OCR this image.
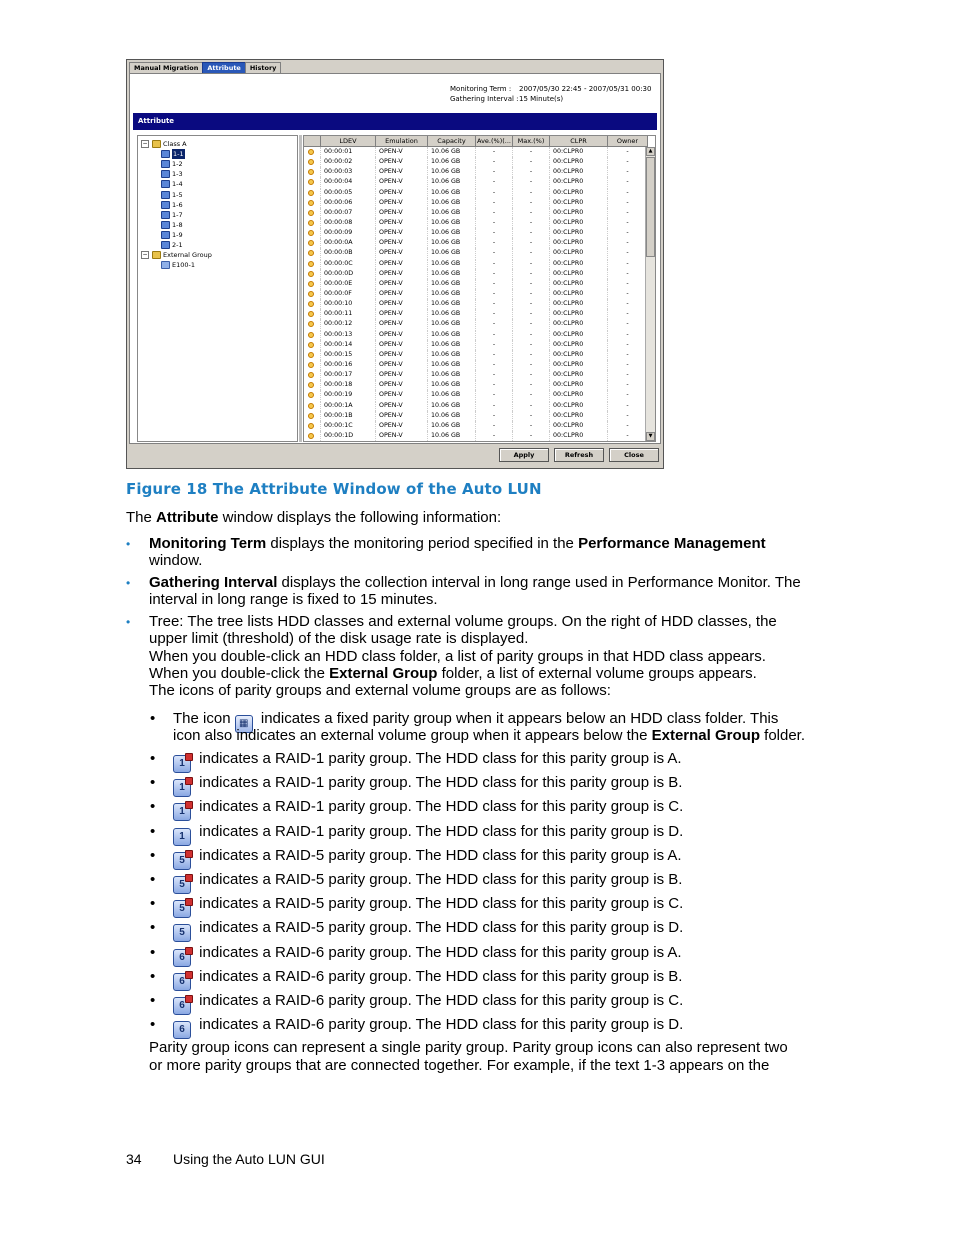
Manual Migration	Attribute	History
Monitoring Term :	2007/05/30 22:45 - 2007/05/31 00:30
Gathering Interval : 15 Minute(s)
Attribute
− Class A
1-1
1-2
1-3
1-4
1-5
1-6
1-7
1-8
1-9
2-1
− External Group
E100-1
LDEV	Emulation	Capacity	Ave.(%)(...	Max.(%)	CLPR	Owner
00:00:01	OPEN-V	10.06 GB	-	-	00:CLPR0	-
00:00:02	OPEN-V	10.06 GB	-	-	00:CLPR0	-
00:00:03	OPEN-V	10.06 GB	-	-	00:CLPR0	-
00:00:04	OPEN-V	10.06 GB	-	-	00:CLPR0	-
00:00:05	OPEN-V	10.06 GB	-	-	00:CLPR0	-
00:00:06	OPEN-V	10.06 GB	-	-	00:CLPR0	-
00:00:07	OPEN-V	10.06 GB	-	-	00:CLPR0	-
00:00:08	OPEN-V	10.06 GB	-	-	00:CLPR0	-
00:00:09	OPEN-V	10.06 GB	-	-	00:CLPR0	-
00:00:0A	OPEN-V	10.06 GB	-	-	00:CLPR0	-
00:00:0B	OPEN-V	10.06 GB	-	-	00:CLPR0	-
00:00:0C	OPEN-V	10.06 GB	-	-	00:CLPR0	-
00:00:0D	OPEN-V	10.06 GB	-	-	00:CLPR0	-
00:00:0E	OPEN-V	10.06 GB	-	-	00:CLPR0	-
00:00:0F	OPEN-V	10.06 GB	-	-	00:CLPR0	-
00:00:10	OPEN-V	10.06 GB	-	-	00:CLPR0	-
00:00:11	OPEN-V	10.06 GB	-	-	00:CLPR0	-
00:00:12	OPEN-V	10.06 GB	-	-	00:CLPR0	-
00:00:13	OPEN-V	10.06 GB	-	-	00:CLPR0	-
00:00:14	OPEN-V	10.06 GB	-	-	00:CLPR0	-
00:00:15	OPEN-V	10.06 GB	-	-	00:CLPR0	-
00:00:16	OPEN-V	10.06 GB	-	-	00:CLPR0	-
00:00:17	OPEN-V	10.06 GB	-	-	00:CLPR0	-
00:00:18	OPEN-V	10.06 GB	-	-	00:CLPR0	-
00:00:19	OPEN-V	10.06 GB	-	-	00:CLPR0	-
00:00:1A	OPEN-V	10.06 GB	-	-	00:CLPR0	-
00:00:1B	OPEN-V	10.06 GB	-	-	00:CLPR0	-
00:00:1C	OPEN-V	10.06 GB	-	-	00:CLPR0	-
00:00:1D	OPEN-V	10.06 GB	-	-	00:CLPR0	-
▲
▼
Apply	Refresh	Close
Figure 18 The Attribute Window of the Auto LUN
The Attribute window displays the following information:
• Monitoring Term displays the monitoring period specified in the Performance Management
window.
• Gathering Interval displays the collection interval in long range used in Performance Monitor. The
interval in long range is fixed to 15 minutes.
• Tree: The tree lists HDD classes and external volume groups. On the right of HDD classes, the
upper limit (threshold) of the disk usage rate is displayed.
When you double-click an HDD class folder, a list of parity groups in that HDD class appears.
When you double-click the External Group folder, a list of external volume groups appears.
The icons of parity groups and external volume groups are as follows:
• The icon ▦ indicates a fixed parity group when it appears below an HDD class folder. This
icon also indicates an external volume group when it appears below the External Group folder.
•	1
indicates a RAID-1 parity group. The HDD class for this parity group is A.
•	1
indicates a RAID-1 parity group. The HDD class for this parity group is B.
•	1
indicates a RAID-1 parity group. The HDD class for this parity group is C.
•	1 indicates a RAID-1 parity group. The HDD class for this parity group is D.
•	5
indicates a RAID-5 parity group. The HDD class for this parity group is A.
•	5
indicates a RAID-5 parity group. The HDD class for this parity group is B.
•	5
indicates a RAID-5 parity group. The HDD class for this parity group is C.
•	5 indicates a RAID-5 parity group. The HDD class for this parity group is D.
•	6
indicates a RAID-6 parity group. The HDD class for this parity group is A.
•	6
indicates a RAID-6 parity group. The HDD class for this parity group is B.
•	6
indicates a RAID-6 parity group. The HDD class for this parity group is C.
•	6 indicates a RAID-6 parity group. The HDD class for this parity group is D.
Parity group icons can represent a single parity group. Parity group icons can also represent two
or more parity groups that are connected together. For example, if the text 1-3 appears on the
34 Using the Auto LUN GUI
